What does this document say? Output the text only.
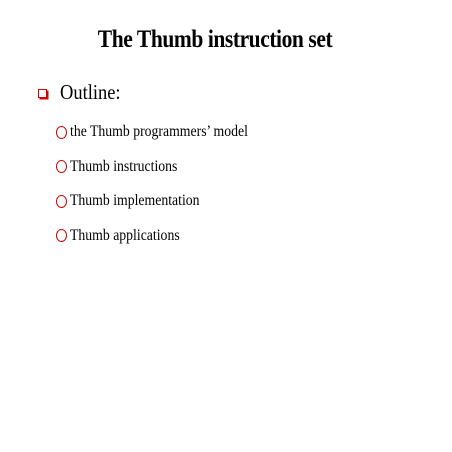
The Thumb instruction set
Outline:
the Thumb programmers’ model
Thumb instructions
Thumb implementation
Thumb applications
